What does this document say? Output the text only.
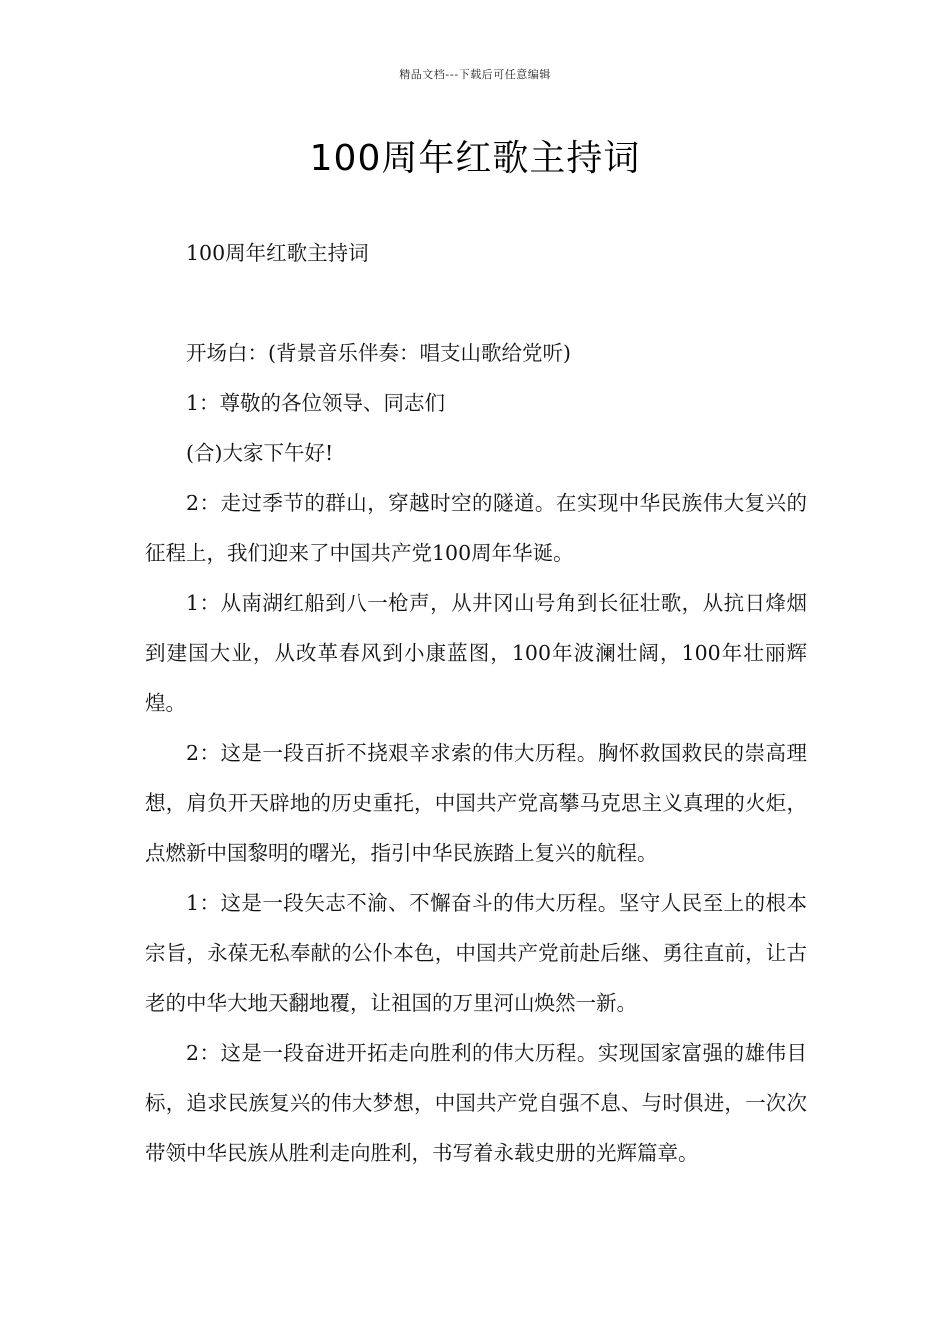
精品文档---下载后可任意编辑
100周年红歌主持词

100周年红歌主持词

开场白：(背景音乐伴奏：唱支山歌给党听)

1：尊敬的各位领导、同志们

(合)大家下午好!

2：走过季节的群山，穿越时空的隧道。在实现中华民族伟大复兴的征程上，我们迎来了中国共产党100周年华诞。

1：从南湖红船到八一枪声，从井冈山号角到长征壮歌，从抗日烽烟到建国大业，从改革春风到小康蓝图，100年波澜壮阔，100年壮丽辉煌。

2：这是一段百折不挠艰辛求索的伟大历程。胸怀救国救民的崇高理想，肩负开天辟地的历史重托，中国共产党高攀马克思主义真理的火炬，点燃新中国黎明的曙光，指引中华民族踏上复兴的航程。

1：这是一段矢志不渝、不懈奋斗的伟大历程。坚守人民至上的根本宗旨，永葆无私奉献的公仆本色，中国共产党前赴后继、勇往直前，让古老的中华大地天翻地覆，让祖国的万里河山焕然一新。

2：这是一段奋进开拓走向胜利的伟大历程。实现国家富强的雄伟目标，追求民族复兴的伟大梦想，中国共产党自强不息、与时俱进，一次次带领中华民族从胜利走向胜利，书写着永载史册的光辉篇章。
